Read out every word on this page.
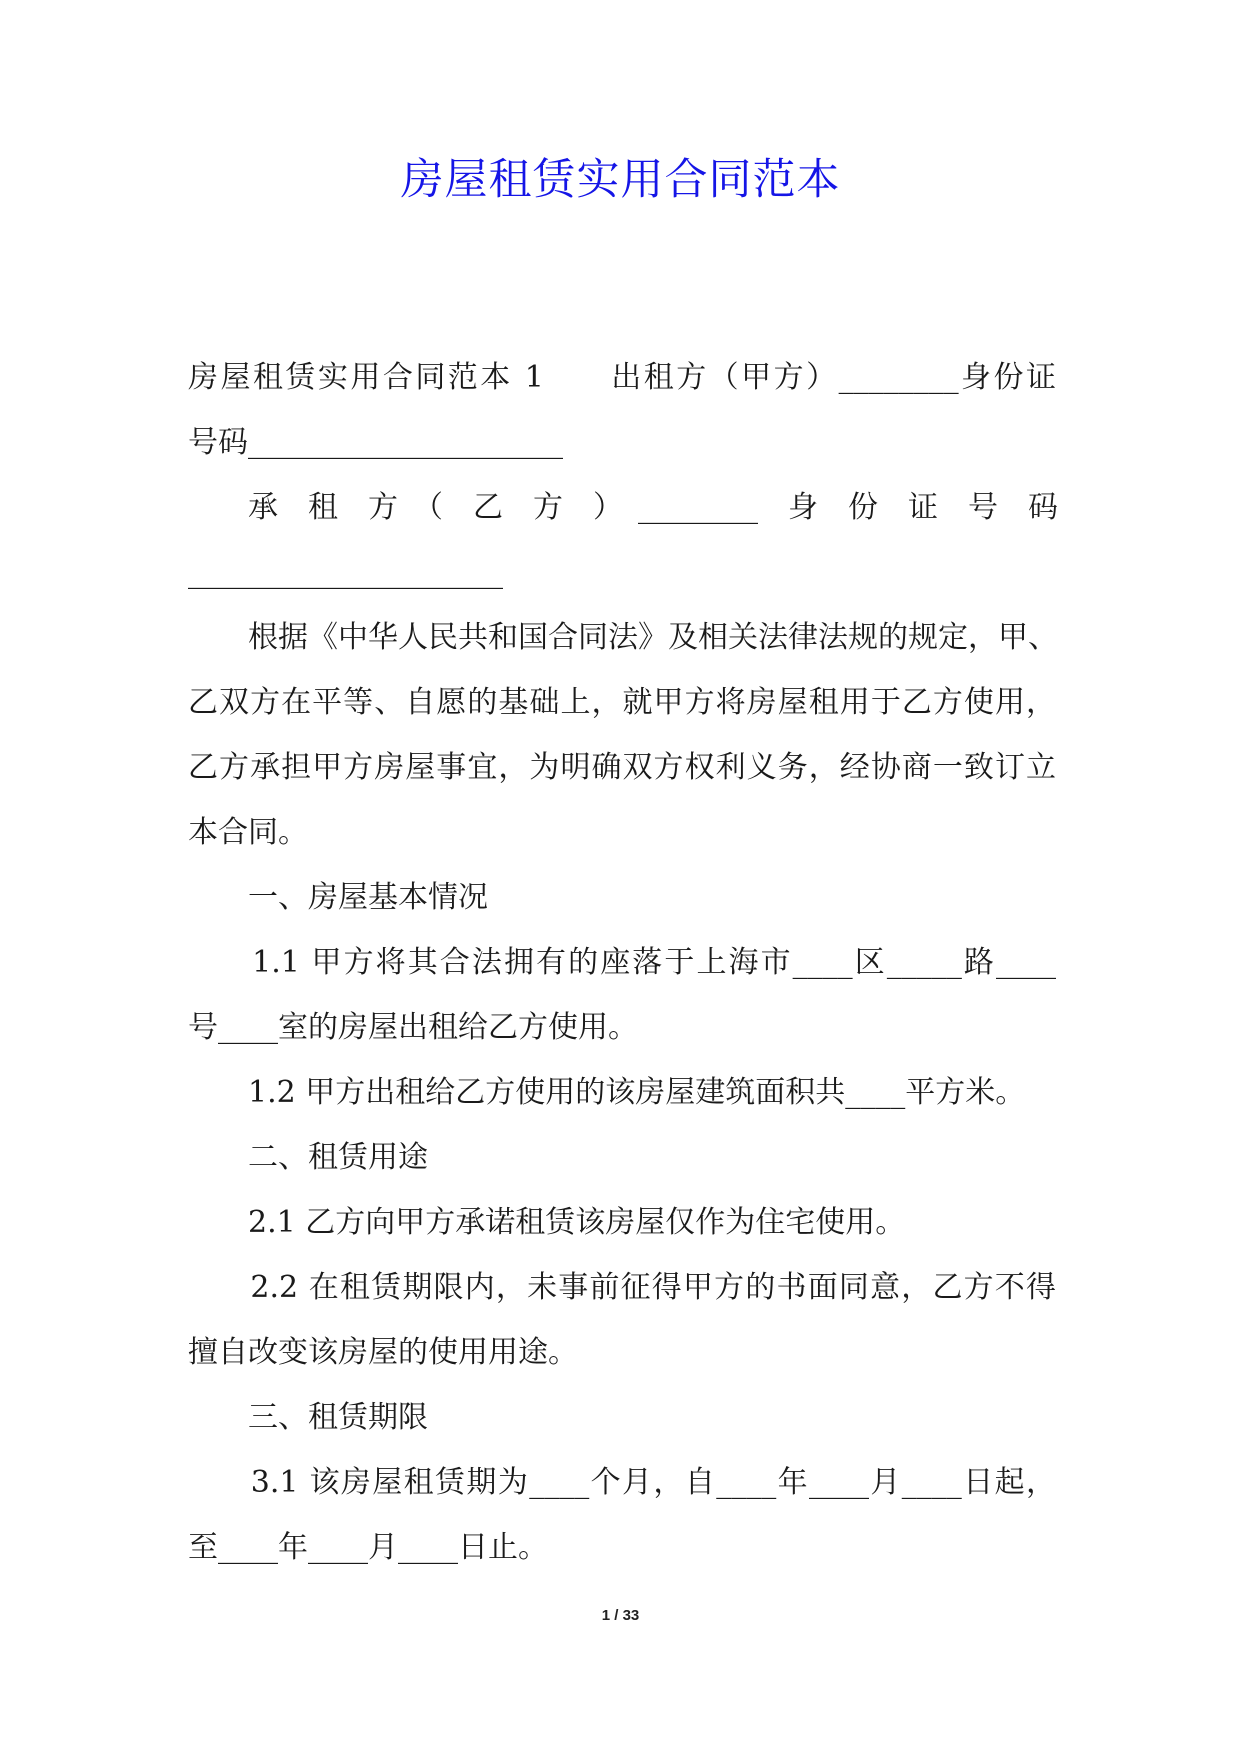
房屋租赁实用合同范本
房屋租赁实用合同范本 1　　出租方（甲方）________身份证
号码_____________________
　　承　租　方　（　乙　方　）　________　身　份　证　号　码
_____________________
　　根据《中华人民共和国合同法》及相关法律法规的规定，甲、
乙双方在平等、自愿的基础上，就甲方将房屋租用于乙方使用，
乙方承担甲方房屋事宜，为明确双方权利义务，经协商一致订立
本合同。
　　一、房屋基本情况
　　1.1 甲方将其合法拥有的座落于上海市____区_____路____
号____室的房屋出租给乙方使用。
　　1.2 甲方出租给乙方使用的该房屋建筑面积共____平方米。
　　二、租赁用途
　　2.1 乙方向甲方承诺租赁该房屋仅作为住宅使用。
　　2.2 在租赁期限内，未事前征得甲方的书面同意，乙方不得
擅自改变该房屋的使用用途。
　　三、租赁期限
　　3.1 该房屋租赁期为____个月，自____年____月____日起，
至____年____月____日止。
1 / 33
